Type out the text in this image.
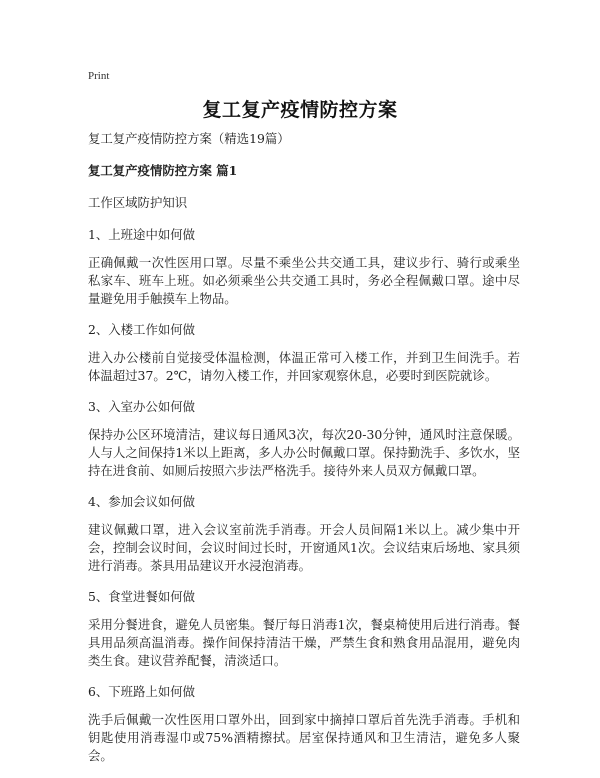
Print
复工复产疫情防控方案

复工复产疫情防控方案（精选19篇）

复工复产疫情防控方案 篇1

工作区域防护知识

1、上班途中如何做

正确佩戴一次性医用口罩。尽量不乘坐公共交通工具，建议步行、骑行或乘坐私家车、班车上班。如必须乘坐公共交通工具时，务必全程佩戴口罩。途中尽量避免用手触摸车上物品。

2、入楼工作如何做

进入办公楼前自觉接受体温检测，体温正常可入楼工作，并到卫生间洗手。若体温超过37。2℃，请勿入楼工作，并回家观察休息，必要时到医院就诊。

3、入室办公如何做

保持办公区环境清洁，建议每日通风3次，每次20-30分钟，通风时注意保暖。人与人之间保持1米以上距离，多人办公时佩戴口罩。保持勤洗手、多饮水，坚持在进食前、如厕后按照六步法严格洗手。接待外来人员双方佩戴口罩。

4、参加会议如何做

建议佩戴口罩，进入会议室前洗手消毒。开会人员间隔1米以上。减少集中开会，控制会议时间，会议时间过长时，开窗通风1次。会议结束后场地、家具须进行消毒。茶具用品建议开水浸泡消毒。

5、食堂进餐如何做

采用分餐进食，避免人员密集。餐厅每日消毒1次，餐桌椅使用后进行消毒。餐具用品须高温消毒。操作间保持清洁干燥，严禁生食和熟食用品混用，避免肉类生食。建议营养配餐，清淡适口。

6、下班路上如何做

洗手后佩戴一次性医用口罩外出，回到家中摘掉口罩后首先洗手消毒。手机和钥匙使用消毒湿巾或75%酒精擦拭。居室保持通风和卫生清洁，避免多人聚会。
